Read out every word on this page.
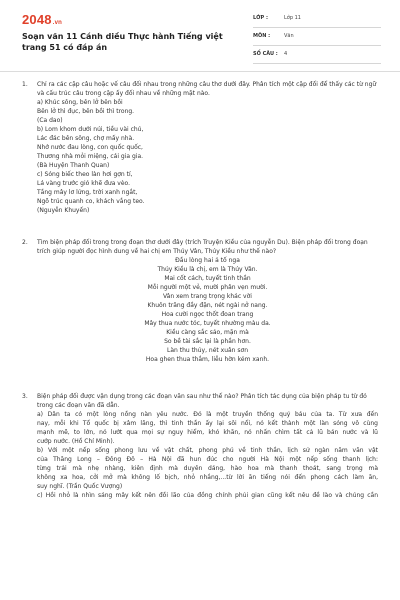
2048.vn
Soạn văn 11 Cánh diều Thực hành Tiếng việt trang 51 có đáp án
LỚP :	Lớp 11
MÔN :	Văn
SỐ CÂU : 4
1. Chỉ ra các cặp câu hoặc vế câu đối nhau trong những câu thơ dưới đây. Phân tích một cặp đối để thấy các từ ngữ và cấu trúc câu trong cặp ấy đối nhau về những mặt nào.
a) Khúc sông, bên lở bên bồi
Bên lở thì đục, bên bồi thì trong.
(Ca dao)
b) Lom khom dưới núi, tiều vài chú,
Lác đác bên sông, chợ mấy nhà.
Nhớ nước đau lòng, con quốc quốc,
Thương nhà mỏi miệng, cái gia gia.
(Bà Huyện Thanh Quan)
c) Sóng biếc theo làn hơi gợn tí,
Lá vàng trước gió khẽ đưa vèo.
Tầng mây lơ lửng, trời xanh ngắt,
Ngõ trúc quanh co, khách vắng teo.
(Nguyễn Khuyến)
2. Tìm biện pháp đối trong trong đoạn thơ dưới đây (trích Truyện Kiều của nguyễn Du). Biện pháp đối trong đoạn trích giúp người đọc hình dung về hai chị em Thúy Vân, Thúy Kiều như thế nào?
Đầu lòng hai ả tố nga
Thúy Kiều là chị, em là Thúy Vân.
Mai cốt cách, tuyết tinh thần
Mỗi người một vẻ, mười phân vẹn mười.
Vân xem trang trọng khác vời
Khuôn trăng đầy đặn, nét ngài nở nang.
Hoa cười ngọc thốt đoan trang
Mây thua nước tóc, tuyết nhường màu da.
Kiều càng sắc sảo, mặn mà
So bề tài sắc lại là phần hơn.
Làn thu thủy, nét xuân sơn
Hoa ghen thua thắm, liễu hờn kém xanh.
3. Biện pháp đối được vận dụng trong các đoạn văn sau như thế nào? Phân tích tác dụng của biện pháp tu từ đó trong các đoạn văn đã dẫn.
a) Dân ta có một lòng nồng nàn yêu nước. Đó là một truyền thống quý báu của ta. Từ xưa đến
nay, mỗi khi Tổ quốc bị xâm lăng, thì tinh thần ấy lại sôi nổi, nó kết thành một làn sóng vô cùng
mạnh mẽ, to lớn, nó lướt qua mọi sự nguy hiểm, khó khăn, nó nhấn chìm tất cả lũ bán nước và lũ
cướp nước. (Hồ Chí Minh).
b) Với một nếp sống phong lưu về vật chất, phong phú về tinh thần, lịch sử ngàn năm văn vật
của Thăng Long – Đông Đô – Hà Nội đã hun đúc cho người Hà Nội một nếp sống thanh lịch:
từng trải mà nhẹ nhàng, kiên định mà duyên dáng, hào hoa mà thanh thoát, sang trọng mà
không xa hoa, cởi mở mà không lố bịch, nhỏ nhắng,...từ lời ăn tiếng nói đến phong cách làm ăn,
suy nghĩ. (Trần Quốc Vượng)
c) Hồi nhỏ là nhìn sáng mây kết nên đồi lão của đồng chính phủi gian cũng kết nêu đề lào và chúng cần
